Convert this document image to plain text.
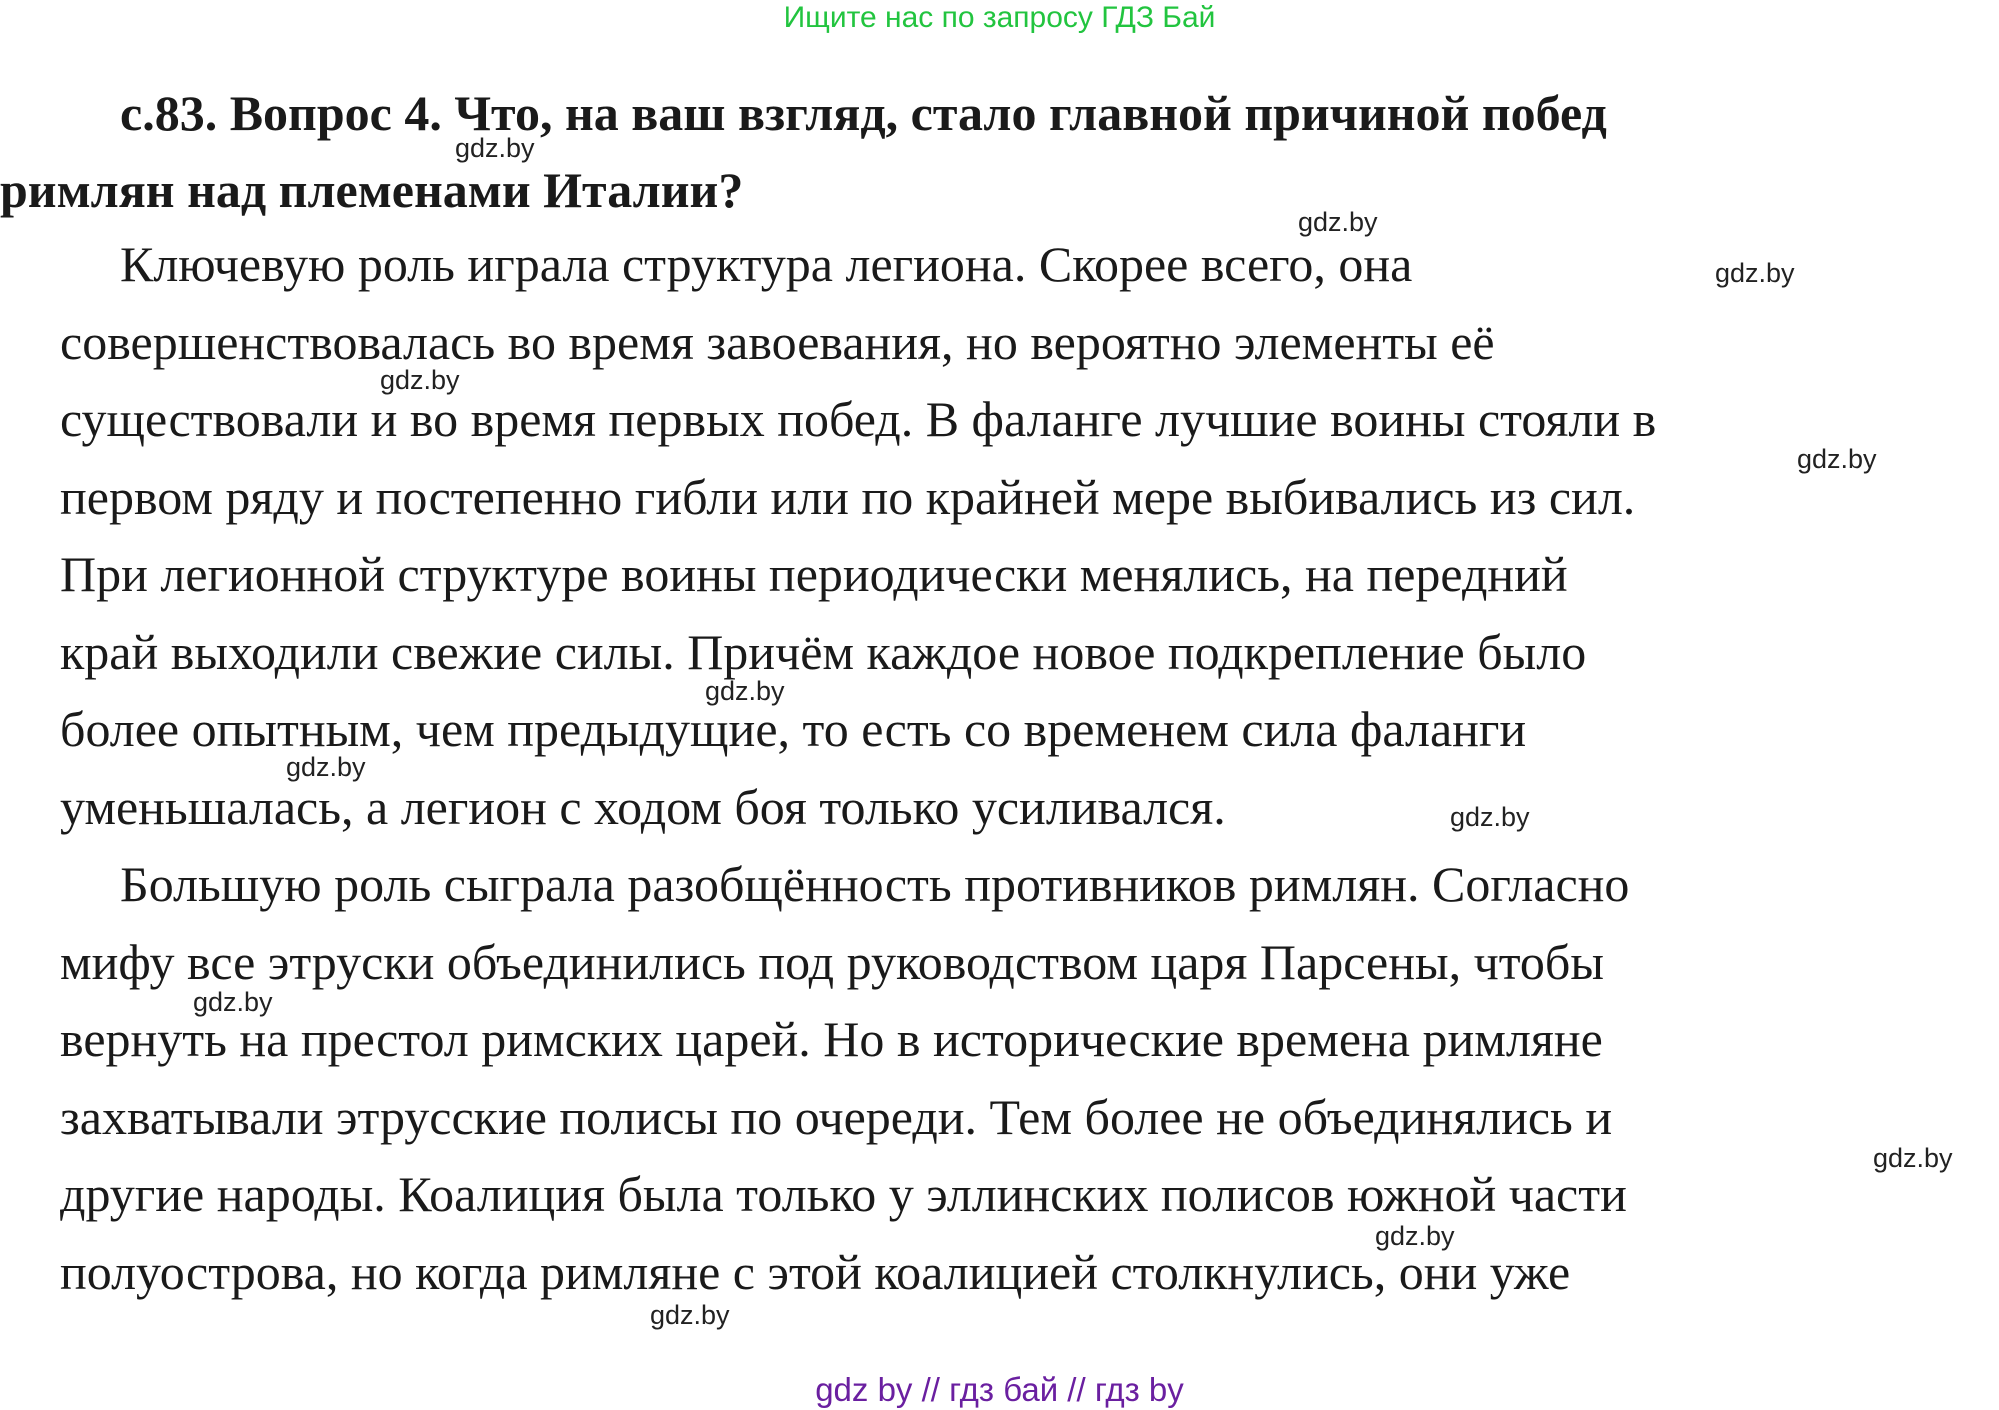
Ищите нас по запросу ГДЗ Бай
с.83. Вопрос 4. Что, на ваш взгляд, стало главной причиной побед
римлян над племенами Италии?
Ключевую роль играла структура легиона. Скорее всего, она
совершенствовалась во время завоевания, но вероятно элементы её
существовали и во время первых побед. В фаланге лучшие воины стояли в
первом ряду и постепенно гибли или по крайней мере выбивались из сил.
При легионной структуре воины периодически менялись, на передний
край выходили свежие силы. Причём каждое новое подкрепление было
более опытным, чем предыдущие, то есть со временем сила фаланги
уменьшалась, а легион с ходом боя только усиливался.
Большую роль сыграла разобщённость противников римлян. Согласно
мифу все этруски объединились под руководством царя Парсены, чтобы
вернуть на престол римских царей. Но в исторические времена римляне
захватывали этрусские полисы по очереди. Тем более не объединялись и
другие народы. Коалиция была только у эллинских полисов южной части
полуострова, но когда римляне с этой коалицией столкнулись, они уже
gdz.by
gdz.by
gdz.by
gdz.by
gdz.by
gdz.by
gdz.by
gdz.by
gdz.by
gdz.by
gdz.by
gdz.by
gdz by // гдз бай // гдз by
